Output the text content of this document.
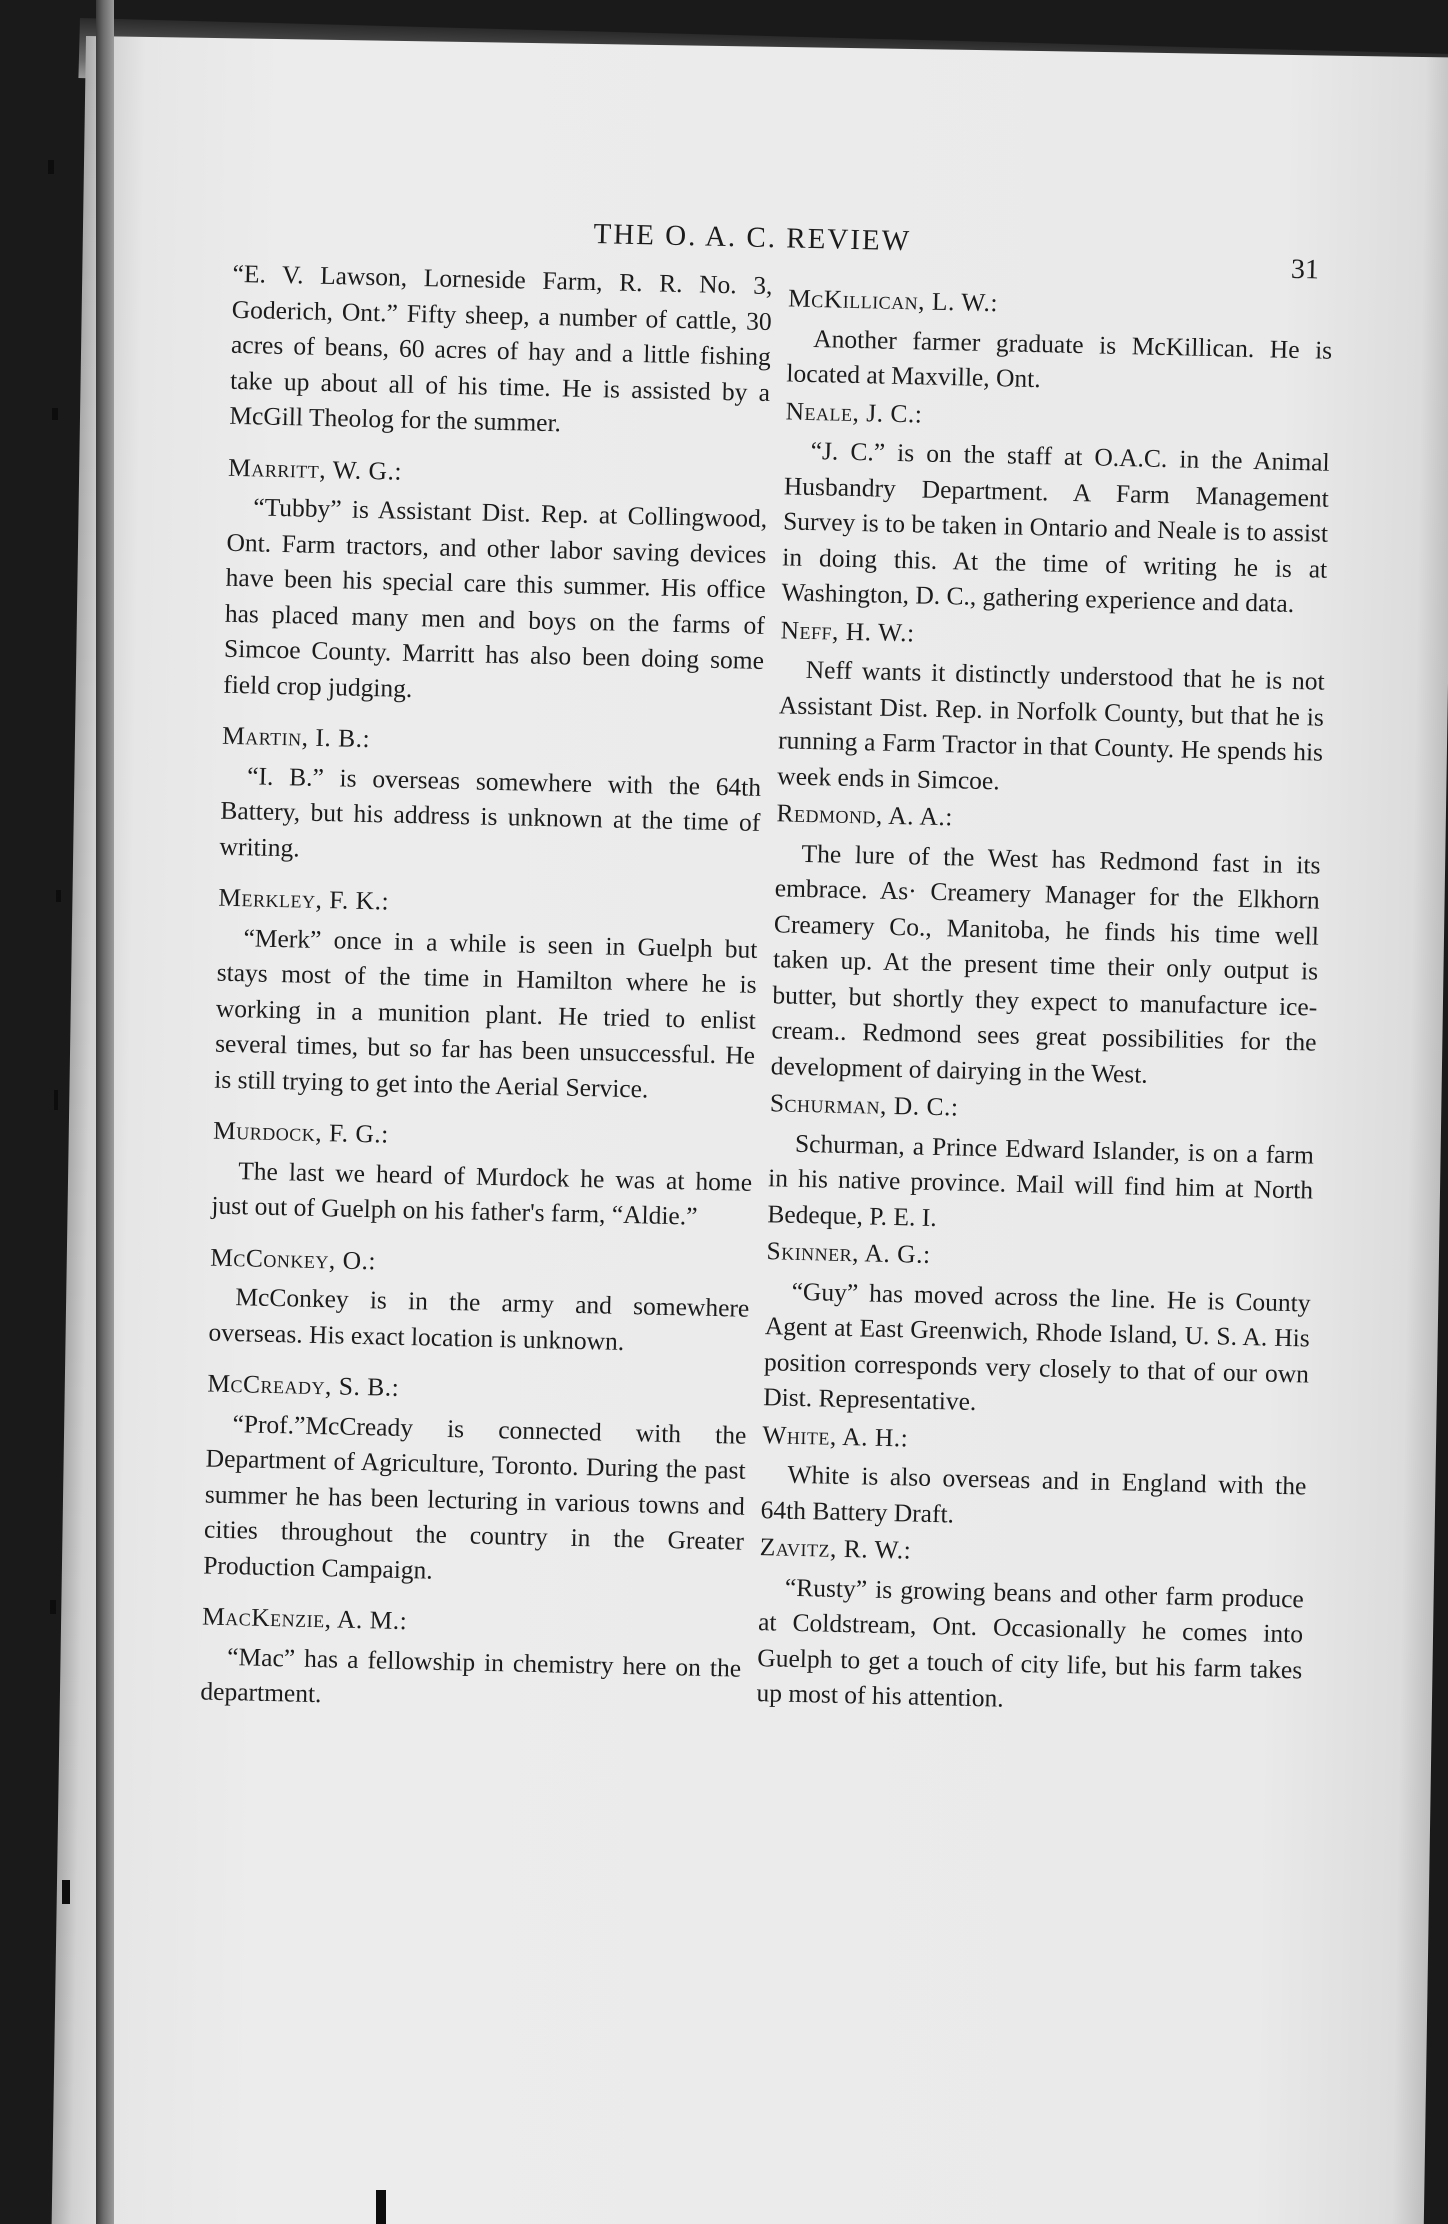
THE O. A. C. REVIEW
31

“E. V. Lawson, Lorneside Farm, R. R. No. 3, Goderich, Ont.” Fifty sheep, a number of cattle, 30 acres of beans, 60 acres of hay and a little fishing take up about all of his time. He is assisted by a McGill Theolog for the summer.

Marritt, W. G.:

“Tubby” is Assistant Dist. Rep. at Collingwood, Ont. Farm tractors, and other labor saving devices have been his special care this summer. His office has placed many men and boys on the farms of Simcoe County. Marritt has also been doing some field crop judging.

Martin, I. B.:

“I. B.” is overseas somewhere with the 64th Battery, but his address is unknown at the time of writing.

Merkley, F. K.:

“Merk” once in a while is seen in Guelph but stays most of the time in Hamilton where he is working in a munition plant. He tried to enlist several times, but so far has been unsuccessful. He is still trying to get into the Aerial Service.

Murdock, F. G.:

The last we heard of Murdock he was at home just out of Guelph on his father's farm, “Aldie.”

McConkey, O.:

McConkey is in the army and somewhere overseas. His exact location is unknown.

McCready, S. B.:

“Prof.”McCready is connected with the Department of Agriculture, Toronto. During the past summer he has been lecturing in various towns and cities throughout the country in the Greater Production Campaign.

MacKenzie, A. M.:

“Mac” has a fellowship in chemistry here on the department.

McKillican, L. W.:

Another farmer graduate is McKillican. He is located at Maxville, Ont.

Neale, J. C.:

“J. C.” is on the staff at O.A.C. in the Animal Husbandry Department. A Farm Management Survey is to be taken in Ontario and Neale is to assist in doing this. At the time of writing he is at Washington, D. C., gathering experience and data.

Neff, H. W.:

Neff wants it distinctly understood that he is not Assistant Dist. Rep. in Norfolk County, but that he is running a Farm Tractor in that County. He spends his week ends in Simcoe.

Redmond, A. A.:

The lure of the West has Redmond fast in its embrace. As· Creamery Manager for the Elkhorn Creamery Co., Manitoba, he finds his time well taken up. At the present time their only output is butter, but shortly they expect to manufacture ice-cream.. Redmond sees great possibilities for the development of dairying in the West.

Schurman, D. C.:

Schurman, a Prince Edward Islander, is on a farm in his native province. Mail will find him at North Bedeque, P. E. I.

Skinner, A. G.:

“Guy” has moved across the line. He is County Agent at East Greenwich, Rhode Island, U. S. A. His position corresponds very closely to that of our own Dist. Representative.

White, A. H.:

White is also overseas and in England with the 64th Battery Draft.

Zavitz, R. W.:

“Rusty” is growing beans and other farm produce at Coldstream, Ont. Occasionally he comes into Guelph to get a touch of city life, but his farm takes up most of his attention.
